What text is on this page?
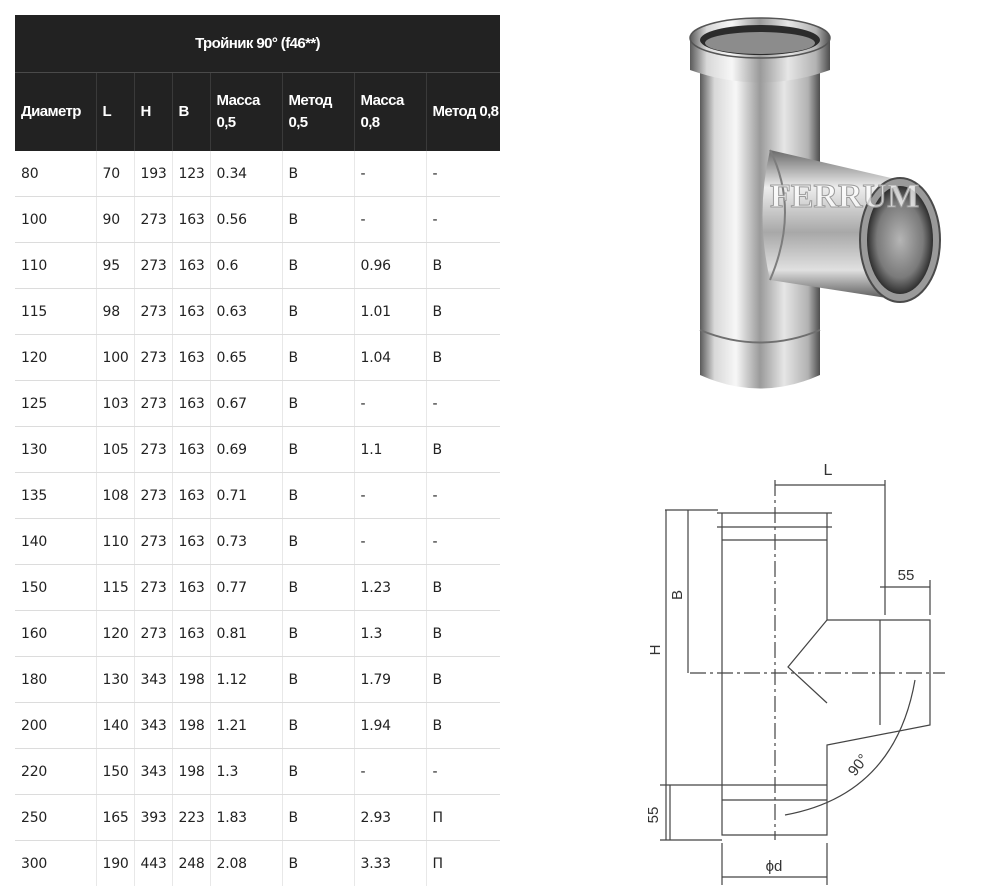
Тройник 90° (f46**)							
Диаметр	L	H	B	Масса 0,5	Метод 0,5	Масса 0,8	Метод 0,8
80	70	193	123	0.34	В	-	-
100	90	273	163	0.56	В	-	-
110	95	273	163	0.6	В	0.96	В
115	98	273	163	0.63	В	1.01	В
120	100	273	163	0.65	В	1.04	В
125	103	273	163	0.67	В	-	-
130	105	273	163	0.69	В	1.1	В
135	108	273	163	0.71	В	-	-
140	110	273	163	0.73	В	-	-
150	115	273	163	0.77	В	1.23	В
160	120	273	163	0.81	В	1.3	В
180	130	343	198	1.12	В	1.79	В
200	140	343	198	1.21	В	1.94	В
220	150	343	198	1.3	В	-	-
250	165	393	223	1.83	В	2.93	П
300	190	443	248	2.08	В	3.33	П
FERRUM
L
55
B
H
90°
55
ϕd
